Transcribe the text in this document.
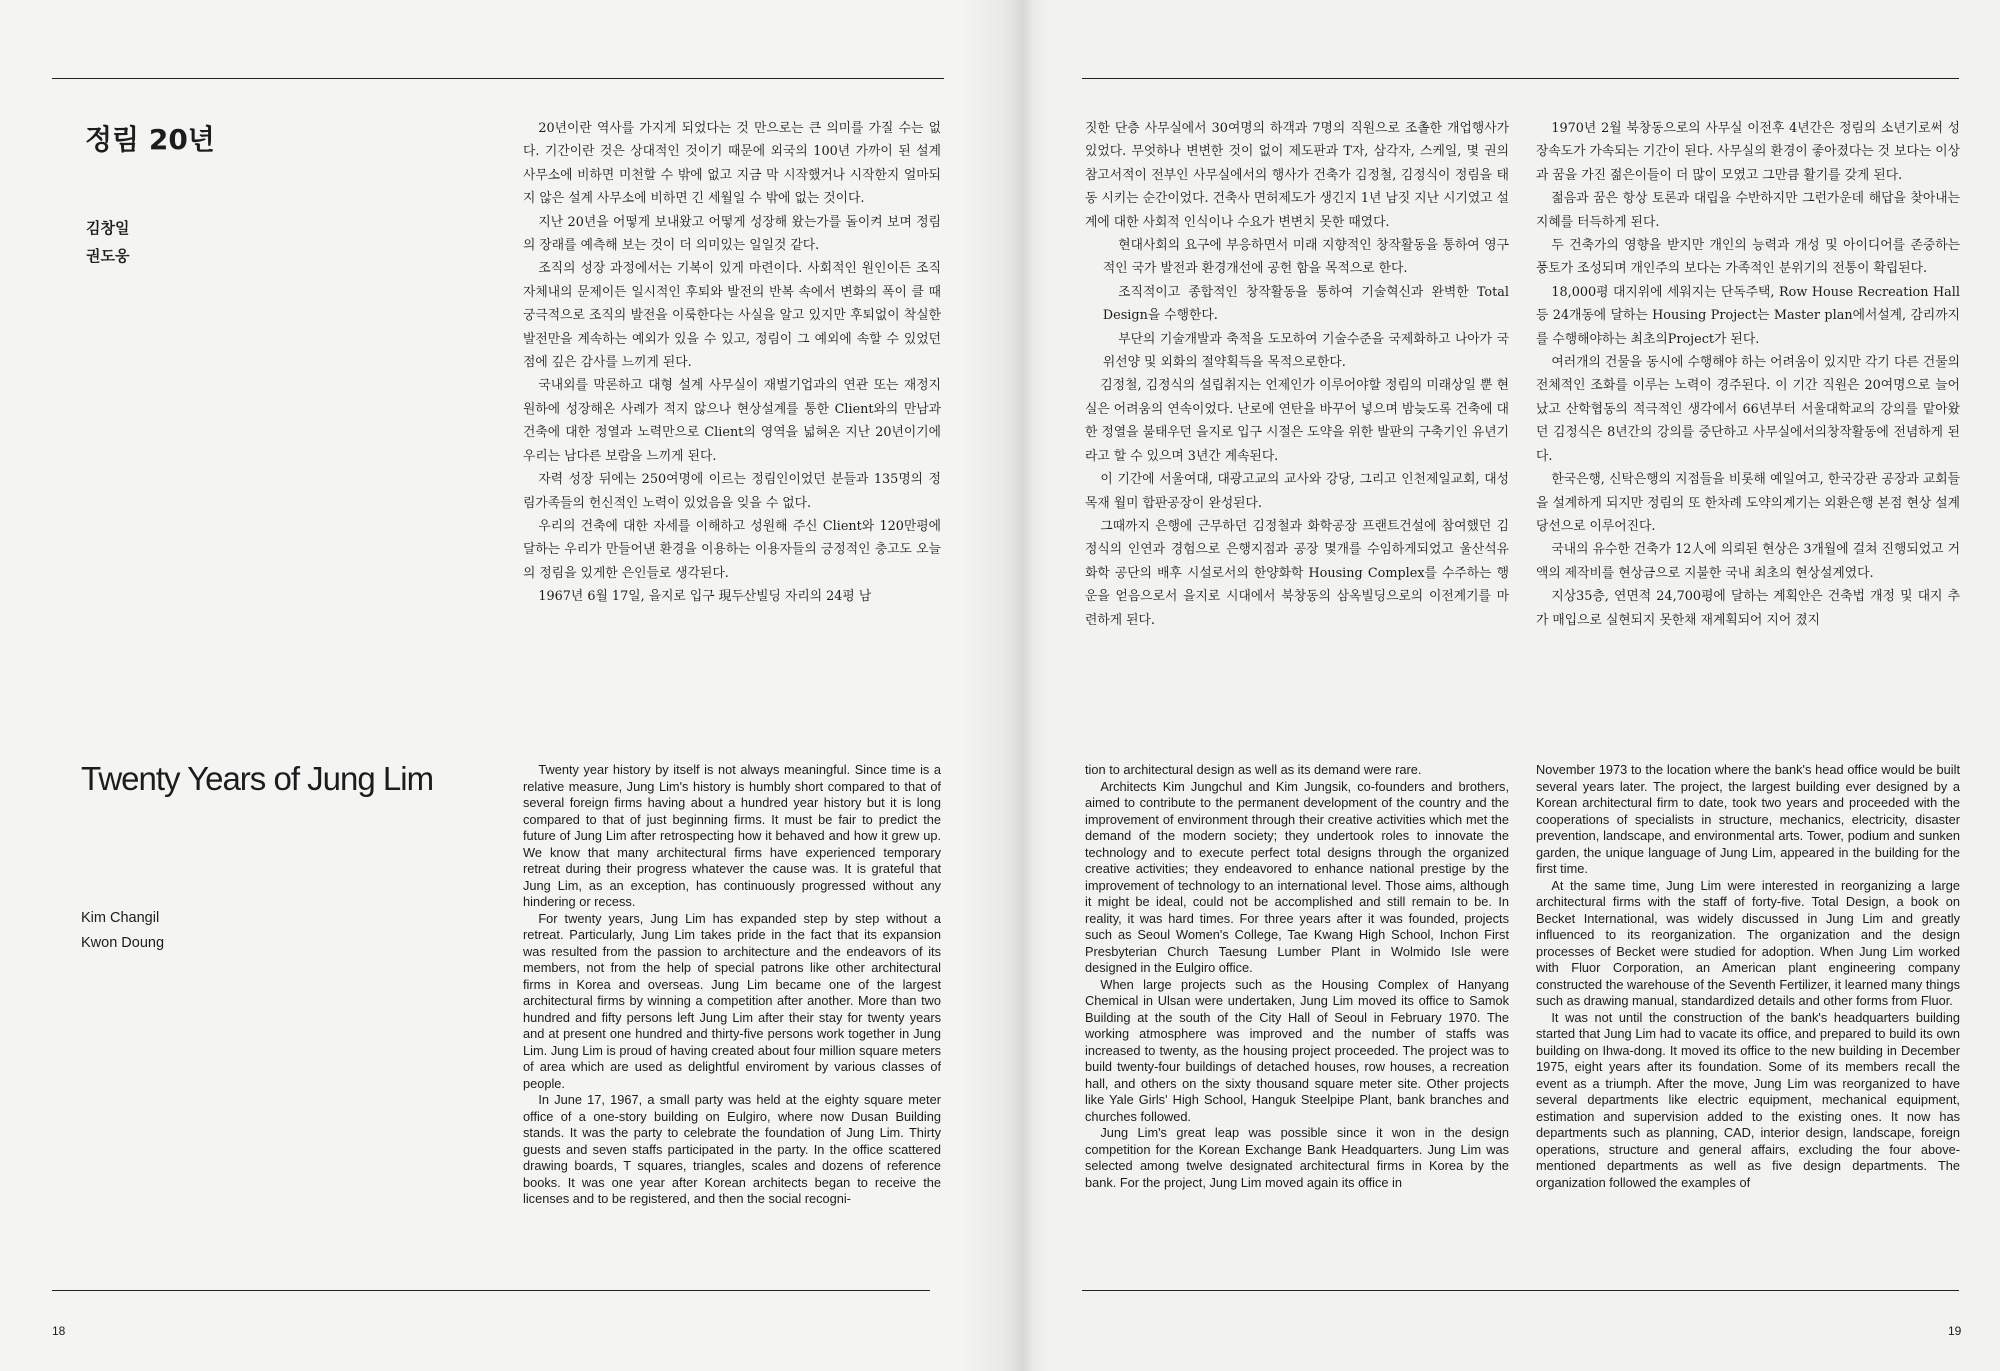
정림 20년
김창일
권도웅
Twenty Years of Jung Lim
Kim Changil
Kwon Doung

20년이란 역사를 가지게 되었다는 것 만으로는 큰 의미를 가질 수는 없다. 기간이란 것은 상대적인 것이기 때문에 외국의 100년 가까이 된 설계 사무소에 비하면 미천할 수 밖에 없고 지금 막 시작했거나 시작한지 얼마되지 않은 설계 사무소에 비하면 긴 세월일 수 밖에 없는 것이다.

지난 20년을 어떻게 보내왔고 어떻게 성장해 왔는가를 돌이켜 보며 정림의 장래를 예측해 보는 것이 더 의미있는 일일것 같다.

조직의 성장 과정에서는 기복이 있게 마련이다. 사회적인 원인이든 조직 자체내의 문제이든 일시적인 후퇴와 발전의 반복 속에서 변화의 폭이 클 때 궁극적으로 조직의 발전을 이룩한다는 사실을 알고 있지만 후퇴없이 착실한 발전만을 계속하는 예외가 있을 수 있고, 정림이 그 예외에 속할 수 있었던 점에 깊은 감사를 느끼게 된다.

국내외를 막론하고 대형 설계 사무실이 재벌기업과의 연관 또는 재정지원하에 성장해온 사례가 적지 않으나 현상설계를 통한 Client와의 만남과 건축에 대한 정열과 노력만으로 Client의 영역을 넓혀온 지난 20년이기에 우리는 남다른 보람을 느끼게 된다.

자력 성장 뒤에는 250여명에 이르는 정림인이었던 분들과 135명의 정림가족들의 헌신적인 노력이 있었음을 잊을 수 없다.

우리의 건축에 대한 자세를 이해하고 성원해 주신 Client와 120만평에 달하는 우리가 만들어낸 환경을 이용하는 이용자들의 긍정적인 충고도 오늘의 정림을 있게한 은인들로 생각된다.

1967년 6월 17일, 을지로 입구 現두산빌딩 자리의 24평 남

짓한 단층 사무실에서 30여명의 하객과 7명의 직원으로 조촐한 개업행사가 있었다. 무엇하나 변변한 것이 없이 제도판과 T자, 삼각자, 스케일, 몇 권의 참고서적이 전부인 사무실에서의 행사가 건축가 김정철, 김정식이 정림을 태동 시키는 순간이었다. 건축사 면허제도가 생긴지 1년 남짓 지난 시기였고 설계에 대한 사회적 인식이나 수요가 변변치 못한 때였다.

현대사회의 요구에 부응하면서 미래 지향적인 창작활동을 통하여 영구적인 국가 발전과 환경개선에 공헌 함을 목적으로 한다.

조직적이고 종합적인 창작활동을 통하여 기술혁신과 완벽한 Total Design을 수행한다.

부단의 기술개발과 축적을 도모하여 기술수준을 국제화하고 나아가 국위선양 및 외화의 절약획득을 목적으로한다.

김정철, 김정식의 설립취지는 언제인가 이루어야할 정림의 미래상일 뿐 현실은 어려움의 연속이었다. 난로에 연탄을 바꾸어 넣으며 밤늦도록 건축에 대한 정열을 불태우던 을지로 입구 시절은 도약을 위한 발판의 구축기인 유년기라고 할 수 있으며 3년간 계속된다.

이 기간에 서울여대, 대광고교의 교사와 강당, 그리고 인천제일교회, 대성목재 월미 합판공장이 완성된다.

그때까지 은행에 근무하던 김정철과 화학공장 프랜트건설에 참여했던 김정식의 인연과 경험으로 은행지점과 공장 몇개를 수임하게되었고 울산석유 화학 공단의 배후 시설로서의 한양화학 Housing Complex를 수주하는 행운을 얻음으로서 을지로 시대에서 북창동의 삼옥빌딩으로의 이전계기를 마련하게 된다.

1970년 2월 북창동으로의 사무실 이전후 4년간은 정림의 소년기로써 성장속도가 가속되는 기간이 된다. 사무실의 환경이 좋아졌다는 것 보다는 이상과 꿈을 가진 젊은이들이 더 많이 모였고 그만큼 활기를 갖게 된다.

젊음과 꿈은 항상 토론과 대립을 수반하지만 그런가운데 해답을 찾아내는 지혜를 터득하게 된다.

두 건축가의 영향을 받지만 개인의 능력과 개성 및 아이디어를 존중하는 풍토가 조성되며 개인주의 보다는 가족적인 분위기의 전통이 확립된다.

18,000평 대지위에 세워지는 단독주택, Row House Recreation Hall 등 24개동에 달하는 Housing Project는 Master plan에서설계, 감리까지를 수행해야하는 최초의Project가 된다.

여러개의 건물을 동시에 수행해야 하는 어려움이 있지만 각기 다른 건물의 전체적인 조화를 이루는 노력이 경주된다. 이 기간 직원은 20여명으로 늘어났고 산학협동의 적극적인 생각에서 66년부터 서울대학교의 강의를 맡아왔던 김정식은 8년간의 강의를 중단하고 사무실에서의창작활동에 전념하게 된다.

한국은행, 신탁은행의 지점들을 비롯해 예일여고, 한국강관 공장과 교회들을 설계하게 되지만 정림의 또 한차례 도약의계기는 외환은행 본점 현상 설계 당선으로 이루어진다.

국내의 유수한 건축가 12人에 의뢰된 현상은 3개월에 걸쳐 진행되었고 거액의 제작비를 현상금으로 지불한 국내 최초의 현상설계였다.

지상35층, 연면적 24,700평에 달하는 계획안은 건축법 개정 및 대지 추가 매입으로 실현되지 못한채 재계획되어 지어 졌지

Twenty year history by itself is not always meaningful. Since time is a relative measure, Jung Lim's history is humbly short compared to that of several foreign firms having about a hundred year history but it is long compared to that of just beginning firms. It must be fair to predict the future of Jung Lim after retrospecting how it behaved and how it grew up. We know that many architectural firms have experienced temporary retreat during their progress whatever the cause was. It is grateful that Jung Lim, as an exception, has continuously progressed without any hindering or recess.

For twenty years, Jung Lim has expanded step by step without a retreat. Particularly, Jung Lim takes pride in the fact that its expansion was resulted from the passion to architecture and the endeavors of its members, not from the help of special patrons like other architectural firms in Korea and overseas. Jung Lim became one of the largest architectural firms by winning a competition after another. More than two hundred and fifty persons left Jung Lim after their stay for twenty years and at present one hundred and thirty-five persons work together in Jung Lim. Jung Lim is proud of having created about four million square meters of area which are used as delightful enviroment by various classes of people.

In June 17, 1967, a small party was held at the eighty square meter office of a one-story building on Eulgiro, where now Dusan Building stands. It was the party to celebrate the foundation of Jung Lim. Thirty guests and seven staffs participated in the party. In the office scattered drawing boards, T squares, triangles, scales and dozens of reference books. It was one year after Korean architects began to receive the licenses and to be registered, and then the social recogni-

tion to architectural design as well as its demand were rare.

Architects Kim Jungchul and Kim Jungsik, co-founders and brothers, aimed to contribute to the permanent development of the country and the improvement of environment through their creative activities which met the demand of the modern society; they undertook roles to innovate the technology and to execute perfect total designs through the organized creative activities; they endeavored to enhance national prestige by the improvement of technology to an international level. Those aims, although it might be ideal, could not be accomplished and still remain to be. In reality, it was hard times. For three years after it was founded, projects such as Seoul Women's College, Tae Kwang High School, Inchon First Presbyterian Church Taesung Lumber Plant in Wolmido Isle were designed in the Eulgiro office.

When large projects such as the Housing Complex of Hanyang Chemical in Ulsan were undertaken, Jung Lim moved its office to Samok Building at the south of the City Hall of Seoul in February 1970. The working atmosphere was improved and the number of staffs was increased to twenty, as the housing project proceeded. The project was to build twenty-four buildings of detached houses, row houses, a recreation hall, and others on the sixty thousand square meter site. Other projects like Yale Girls' High School, Hanguk Steelpipe Plant, bank branches and churches followed.

Jung Lim's great leap was possible since it won in the design competition for the Korean Exchange Bank Headquarters. Jung Lim was selected among twelve designated architectural firms in Korea by the bank. For the project, Jung Lim moved again its office in

November 1973 to the location where the bank's head office would be built several years later. The project, the largest building ever designed by a Korean architectural firm to date, took two years and proceeded with the cooperations of specialists in structure, mechanics, electricity, disaster prevention, landscape, and environmental arts. Tower, podium and sunken garden, the unique language of Jung Lim, appeared in the building for the first time.

At the same time, Jung Lim were interested in reorganizing a large architectural firms with the staff of forty-five. Total Design, a book on Becket International, was widely discussed in Jung Lim and greatly influenced to its reorganization. The organization and the design processes of Becket were studied for adoption. When Jung Lim worked with Fluor Corporation, an American plant engineering company constructed the warehouse of the Seventh Fertilizer, it learned many things such as drawing manual, standardized details and other forms from Fluor.

It was not until the construction of the bank's headquarters building started that Jung Lim had to vacate its office, and prepared to build its own building on Ihwa-dong. It moved its office to the new building in December 1975, eight years after its foundation. Some of its members recall the event as a triumph. After the move, Jung Lim was reorganized to have several departments like electric equipment, mechanical equipment, estimation and supervision added to the existing ones. It now has departments such as planning, CAD, interior design, landscape, foreign operations, structure and general affairs, excluding the four above-mentioned departments as well as five design departments. The organization followed the examples of

18	19
